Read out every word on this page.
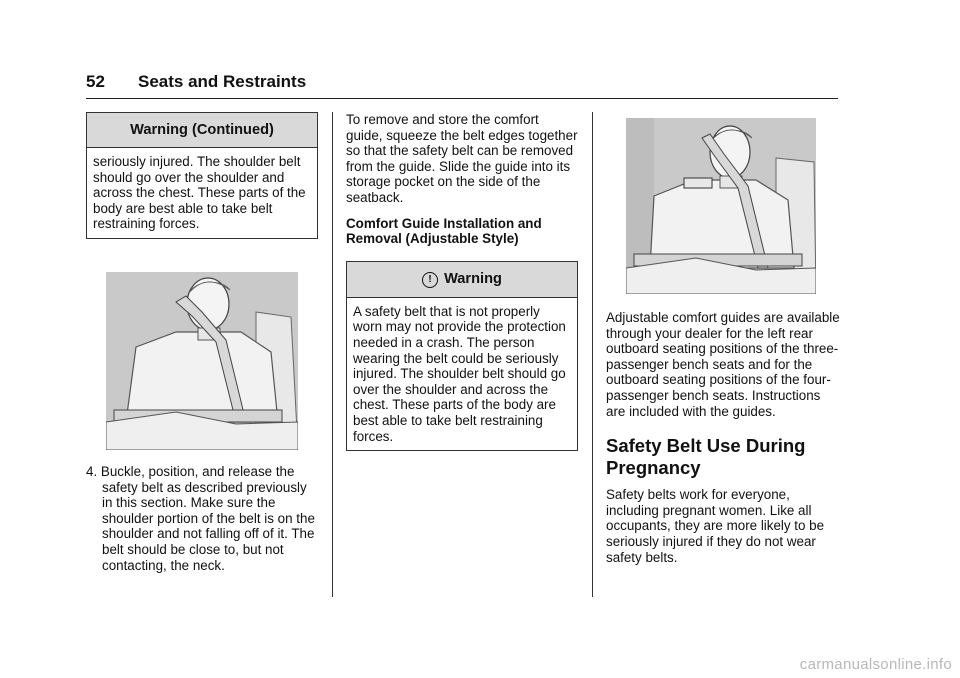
52 Seats and Restraints
Warning (Continued)
seriously injured. The shoulder belt should go over the shoulder and across the chest. These parts of the body are best able to take belt restraining forces.

4. Buckle, position, and release the safety belt as described previously in this section. Make sure the shoulder portion of the belt is on the shoulder and not falling off of it. The belt should be close to, but not contacting, the neck.

To remove and store the comfort guide, squeeze the belt edges together so that the safety belt can be removed from the guide. Slide the guide into its storage pocket on the side of the seatback.

Comfort Guide Installation and Removal (Adjustable Style)

! Warning
A safety belt that is not properly worn may not provide the protection needed in a crash. The person wearing the belt could be seriously injured. The shoulder belt should go over the shoulder and across the chest. These parts of the body are best able to take belt restraining forces.

Adjustable comfort guides are available through your dealer for the left rear outboard seating positions of the three-passenger bench seats and for the outboard seating positions of the four-passenger bench seats. Instructions are included with the guides.

Safety Belt Use During Pregnancy

Safety belts work for everyone, including pregnant women. Like all occupants, they are more likely to be seriously injured if they do not wear safety belts.

carmanualsonline.info
